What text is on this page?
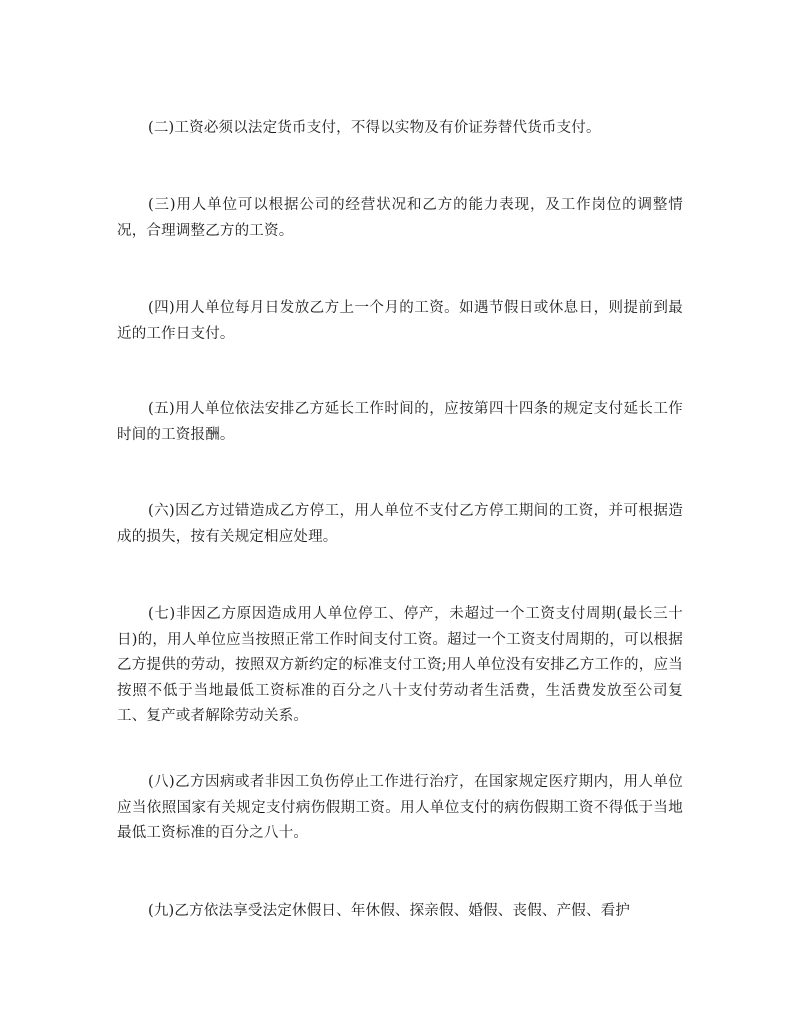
(二)工资必须以法定货币支付，不得以实物及有价证券替代货币支付。

(三)用人单位可以根据公司的经营状况和乙方的能力表现，及工作岗位的调整情况，合理调整乙方的工资。

(四)用人单位每月日发放乙方上一个月的工资。如遇节假日或休息日，则提前到最近的工作日支付。

(五)用人单位依法安排乙方延长工作时间的，应按第四十四条的规定支付延长工作时间的工资报酬。

(六)因乙方过错造成乙方停工，用人单位不支付乙方停工期间的工资，并可根据造成的损失，按有关规定相应处理。

(七)非因乙方原因造成用人单位停工、停产，未超过一个工资支付周期(最长三十日)的，用人单位应当按照正常工作时间支付工资。超过一个工资支付周期的，可以根据乙方提供的劳动，按照双方新约定的标准支付工资;用人单位没有安排乙方工作的，应当按照不低于当地最低工资标准的百分之八十支付劳动者生活费，生活费发放至公司复工、复产或者解除劳动关系。

(八)乙方因病或者非因工负伤停止工作进行治疗，在国家规定医疗期内，用人单位应当依照国家有关规定支付病伤假期工资。用人单位支付的病伤假期工资不得低于当地最低工资标准的百分之八十。

(九)乙方依法享受法定休假日、年休假、探亲假、婚假、丧假、产假、看护
